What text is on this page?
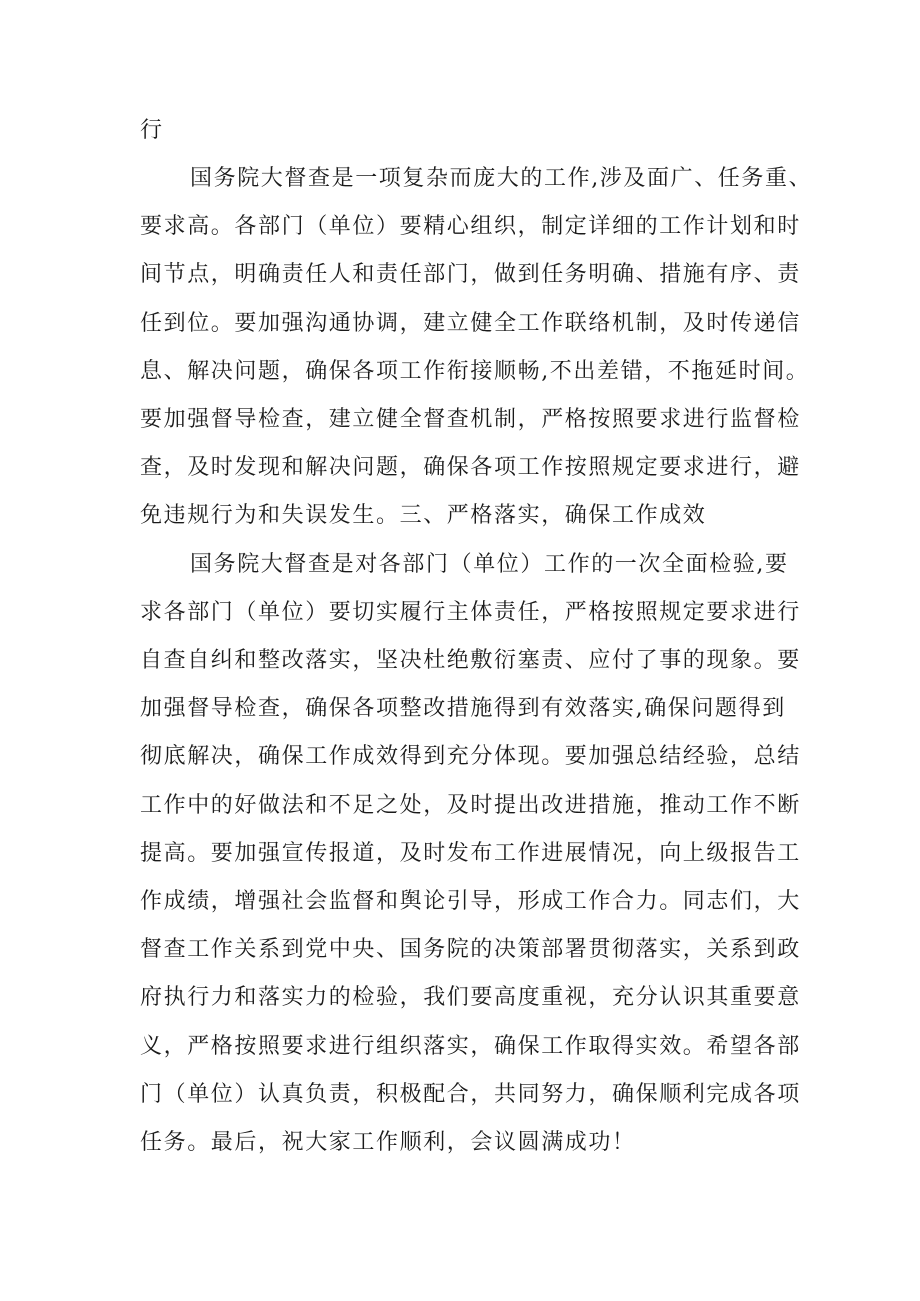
行
国务院大督查是一项复杂而庞大的工作,涉及面广、任务重、
要求高。各部门（单位）要精心组织，制定详细的工作计划和时
间节点，明确责任人和责任部门，做到任务明确、措施有序、责
任到位。要加强沟通协调，建立健全工作联络机制，及时传递信
息、解决问题，确保各项工作衔接顺畅,不出差错，不拖延时间。
要加强督导检查，建立健全督查机制，严格按照要求进行监督检
查，及时发现和解决问题，确保各项工作按照规定要求进行，避
免违规行为和失误发生。三、严格落实，确保工作成效
国务院大督查是对各部门（单位）工作的一次全面检验,要
求各部门（单位）要切实履行主体责任，严格按照规定要求进行
自查自纠和整改落实，坚决杜绝敷衍塞责、应付了事的现象。要
加强督导检查，确保各项整改措施得到有效落实,确保问题得到
彻底解决，确保工作成效得到充分体现。要加强总结经验，总结
工作中的好做法和不足之处，及时提出改进措施，推动工作不断
提高。要加强宣传报道，及时发布工作进展情况，向上级报告工
作成绩，增强社会监督和舆论引导，形成工作合力。同志们，大
督查工作关系到党中央、国务院的决策部署贯彻落实，关系到政
府执行力和落实力的检验，我们要高度重视，充分认识其重要意
义，严格按照要求进行组织落实，确保工作取得实效。希望各部
门（单位）认真负责，积极配合，共同努力，确保顺利完成各项
任务。最后，祝大家工作顺利，会议圆满成功！
